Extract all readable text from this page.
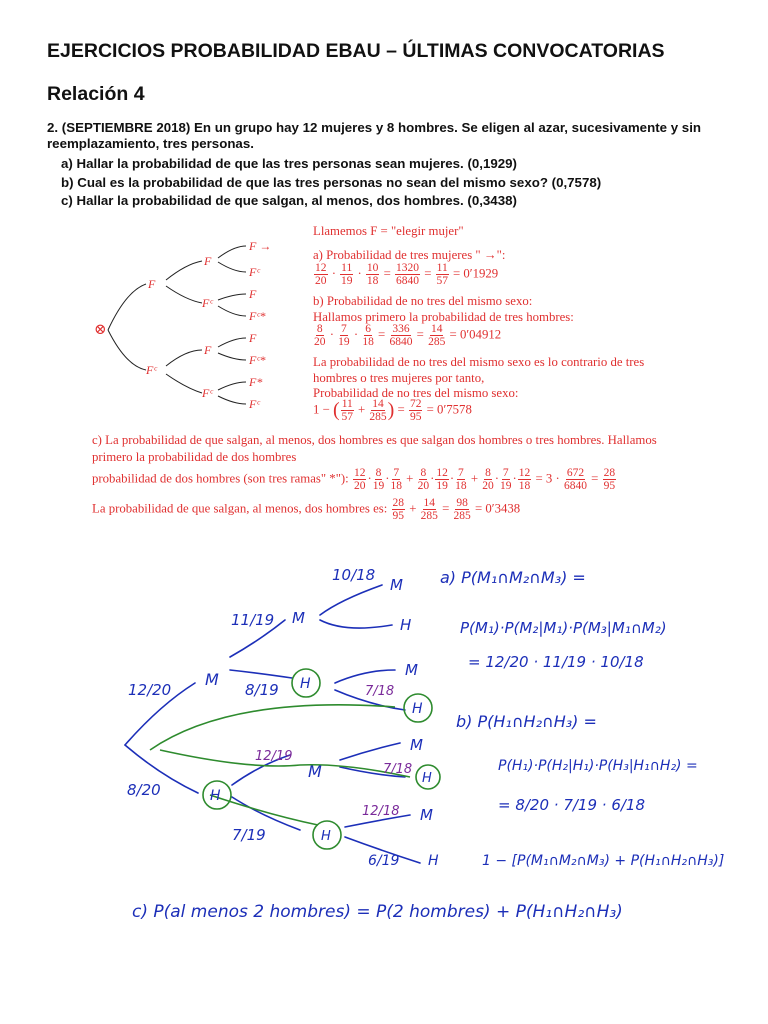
EJERCICIOS PROBABILIDAD EBAU – ÚLTIMAS CONVOCATORIAS
Relación 4
2. (SEPTIEMBRE 2018) En un grupo hay 12 mujeres y 8 hombres. Se eligen al azar, sucesivamente y sin reemplazamiento, tres personas.
a) Hallar la probabilidad de que las tres personas sean mujeres. (0,1929)
b) Cual es la probabilidad de que las tres personas no sean del mismo sexo? (0,7578)
c) Hallar la probabilidad de que salgan, al menos, dos hombres. (0,3438)
⊗
F
Fᶜ
F
Fᶜ
F
Fᶜ
F →
Fᶜ
F
Fᶜ*
F
Fᶜ*
F*
Fᶜ
Llamemos F = "elegir mujer"
a) Probabilidad de tres mujeres " →":
$\frac{12}{20} \cdot \frac{11}{19} \cdot \frac{10}{18} = \frac{1320}{6840} = \frac{11}{57} = 0'1929$
b) Probabilidad de no tres del mismo sexo:
Hallamos primero la probabilidad de tres hombres:
$\frac{8}{20} \cdot \frac{7}{19} \cdot \frac{6}{18} = \frac{336}{6840} = \frac{14}{285} = 0'04912$
La probabilidad de no tres del mismo sexo es lo contrario de tres
hombres o tres mujeres por tanto,
Probabilidad de no tres del mismo sexo:
1 − ( $\frac{11}{57} + \frac{14}{285}$ ) = $\frac{72}{95} = 0'7578$
c) La probabilidad de que salgan, al menos, dos hombres es que salgan dos hombres o tres hombres. Hallamos
primero la probabilidad de dos hombres
probabilidad de dos hombres (son tres ramas" *"): $\frac{12}{20} \cdot \frac{8}{19} \cdot \frac{7}{18} + \frac{8}{20} \cdot \frac{12}{19} \cdot \frac{7}{18} + \frac{8}{20} \cdot \frac{7}{19} \cdot \frac{12}{18} = 3 \cdot \frac{672}{6840} = \frac{28}{95}$
La probabilidad de que salgan, al menos, dos hombres es: $\frac{28}{95} + \frac{14}{285} = \frac{98}{285} = 0'3438$
10/18
11/19
12/20	8/19
8/20
12/19
7/18
7/18
12/18
7/19
6/19
M
H
M
M	H
M
H
M
M	H
H
M
H
H
a) P(M₁∩M₂∩M₃) =
P(M₁)·P(M₂|M₁)·P(M₃|M₁∩M₂)
= 12/20 · 11/19 · 10/18
b) P(H₁∩H₂∩H₃) =
P(H₁)·P(H₂|H₁)·P(H₃|H₁∩H₂) =
= 8/20 · 7/19 · 6/18
1 − [P(M₁∩M₂∩M₃) + P(H₁∩H₂∩H₃)]
c) P(al menos 2 hombres) = P(2 hombres) + P(H₁∩H₂∩H₃)
